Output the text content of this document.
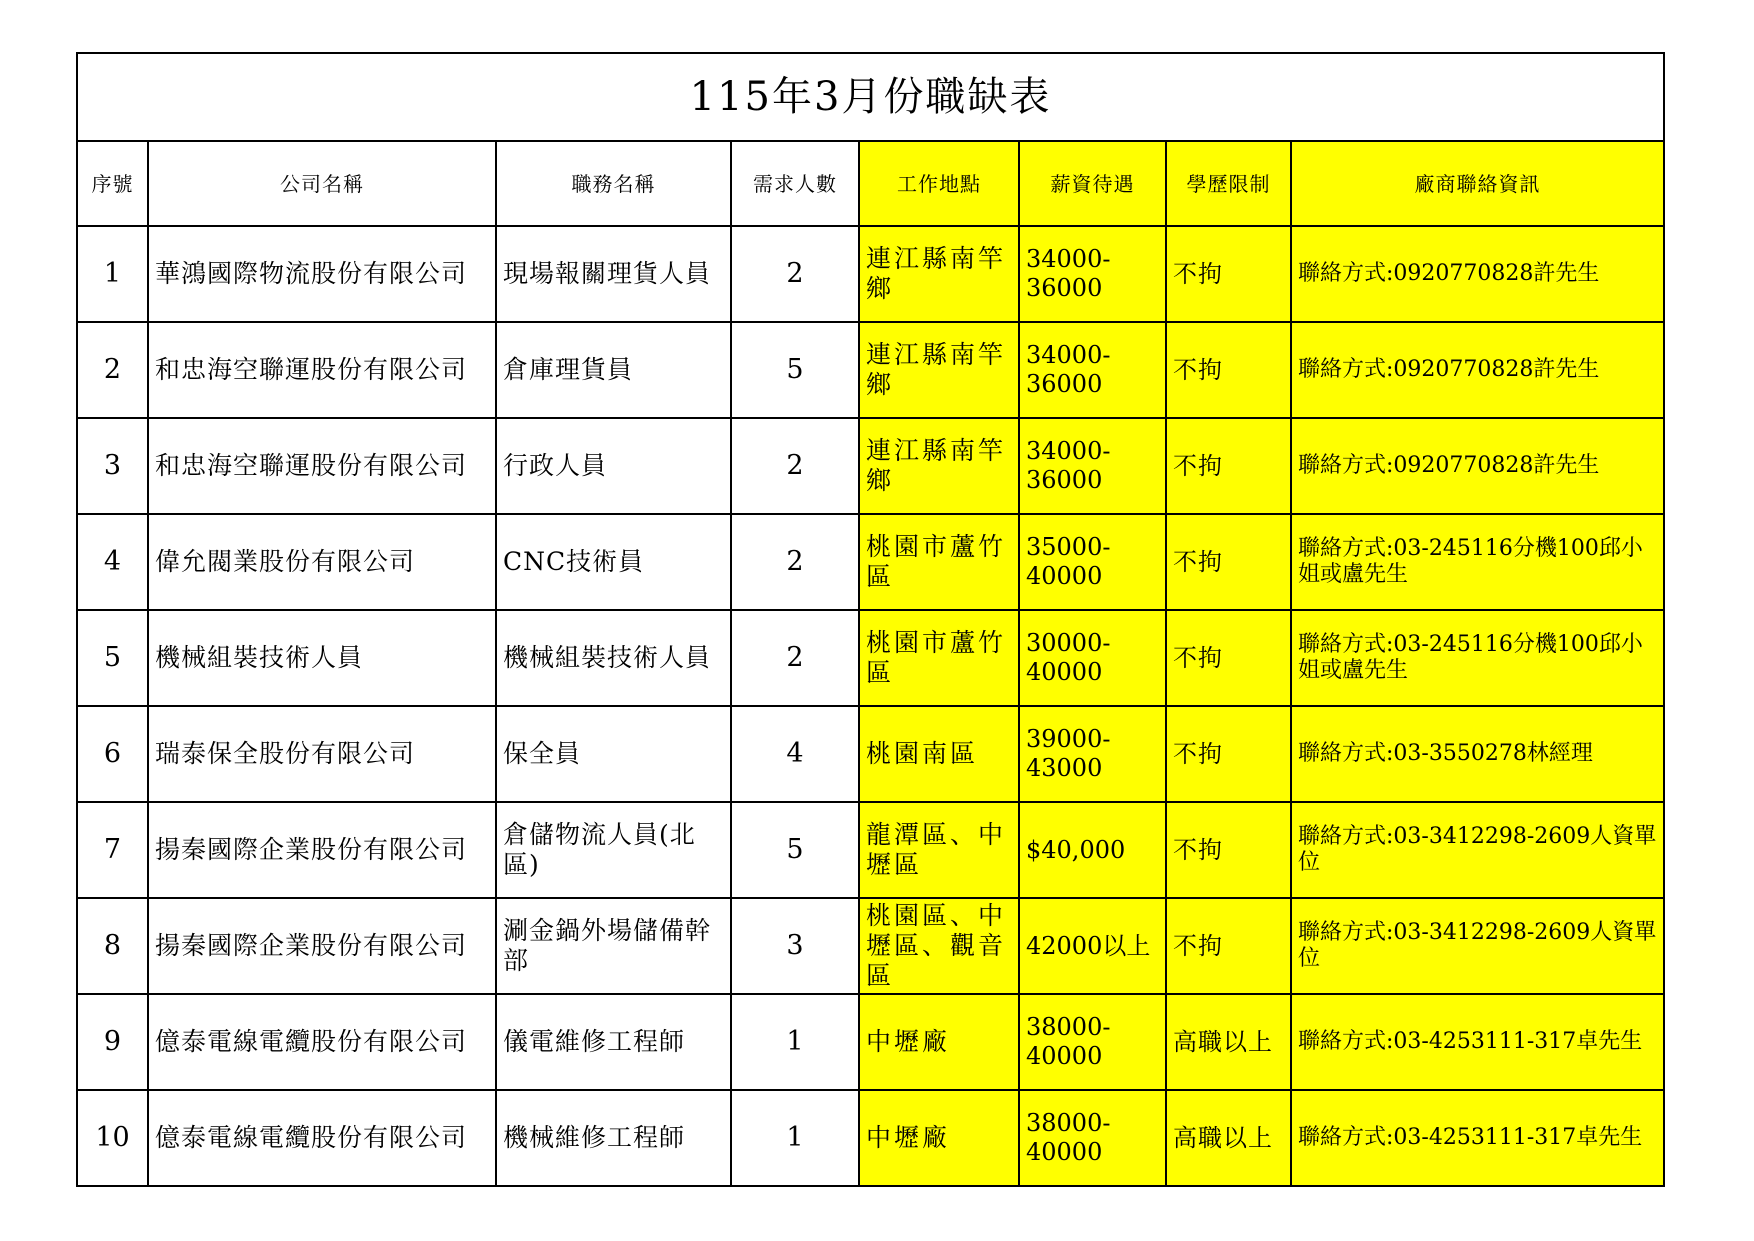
115年3月份職缺表							
序號	公司名稱	職務名稱	需求人數	工作地點	薪資待遇	學歷限制	廠商聯絡資訊
1	華鴻國際物流股份有限公司	現場報關理貨人員	2	連江縣南竿鄉	34000-36000	不拘	聯絡方式:0920770828許先生
2	和忠海空聯運股份有限公司	倉庫理貨員	5	連江縣南竿鄉	34000-36000	不拘	聯絡方式:0920770828許先生
3	和忠海空聯運股份有限公司	行政人員	2	連江縣南竿鄉	34000-36000	不拘	聯絡方式:0920770828許先生
4	偉允閥業股份有限公司	CNC技術員	2	桃園市蘆竹區	35000-40000	不拘	聯絡方式:03-245116分機100邱小姐或盧先生
5	機械組裝技術人員	機械組裝技術人員	2	桃園市蘆竹區	30000-40000	不拘	聯絡方式:03-245116分機100邱小姐或盧先生
6	瑞泰保全股份有限公司	保全員	4	桃園南區	39000-43000	不拘	聯絡方式:03-3550278林經理
7	揚秦國際企業股份有限公司	倉儲物流人員(北區)	5	龍潭區、中壢區	$40,000	不拘	聯絡方式:03-3412298-2609人資單位
8	揚秦國際企業股份有限公司	涮金鍋外場儲備幹部	3	桃園區、中壢區、觀音區	42000以上	不拘	聯絡方式:03-3412298-2609人資單位
9	億泰電線電纜股份有限公司	儀電維修工程師	1	中壢廠	38000-40000	高職以上	聯絡方式:03-4253111-317卓先生
10	億泰電線電纜股份有限公司	機械維修工程師	1	中壢廠	38000-40000	高職以上	聯絡方式:03-4253111-317卓先生
